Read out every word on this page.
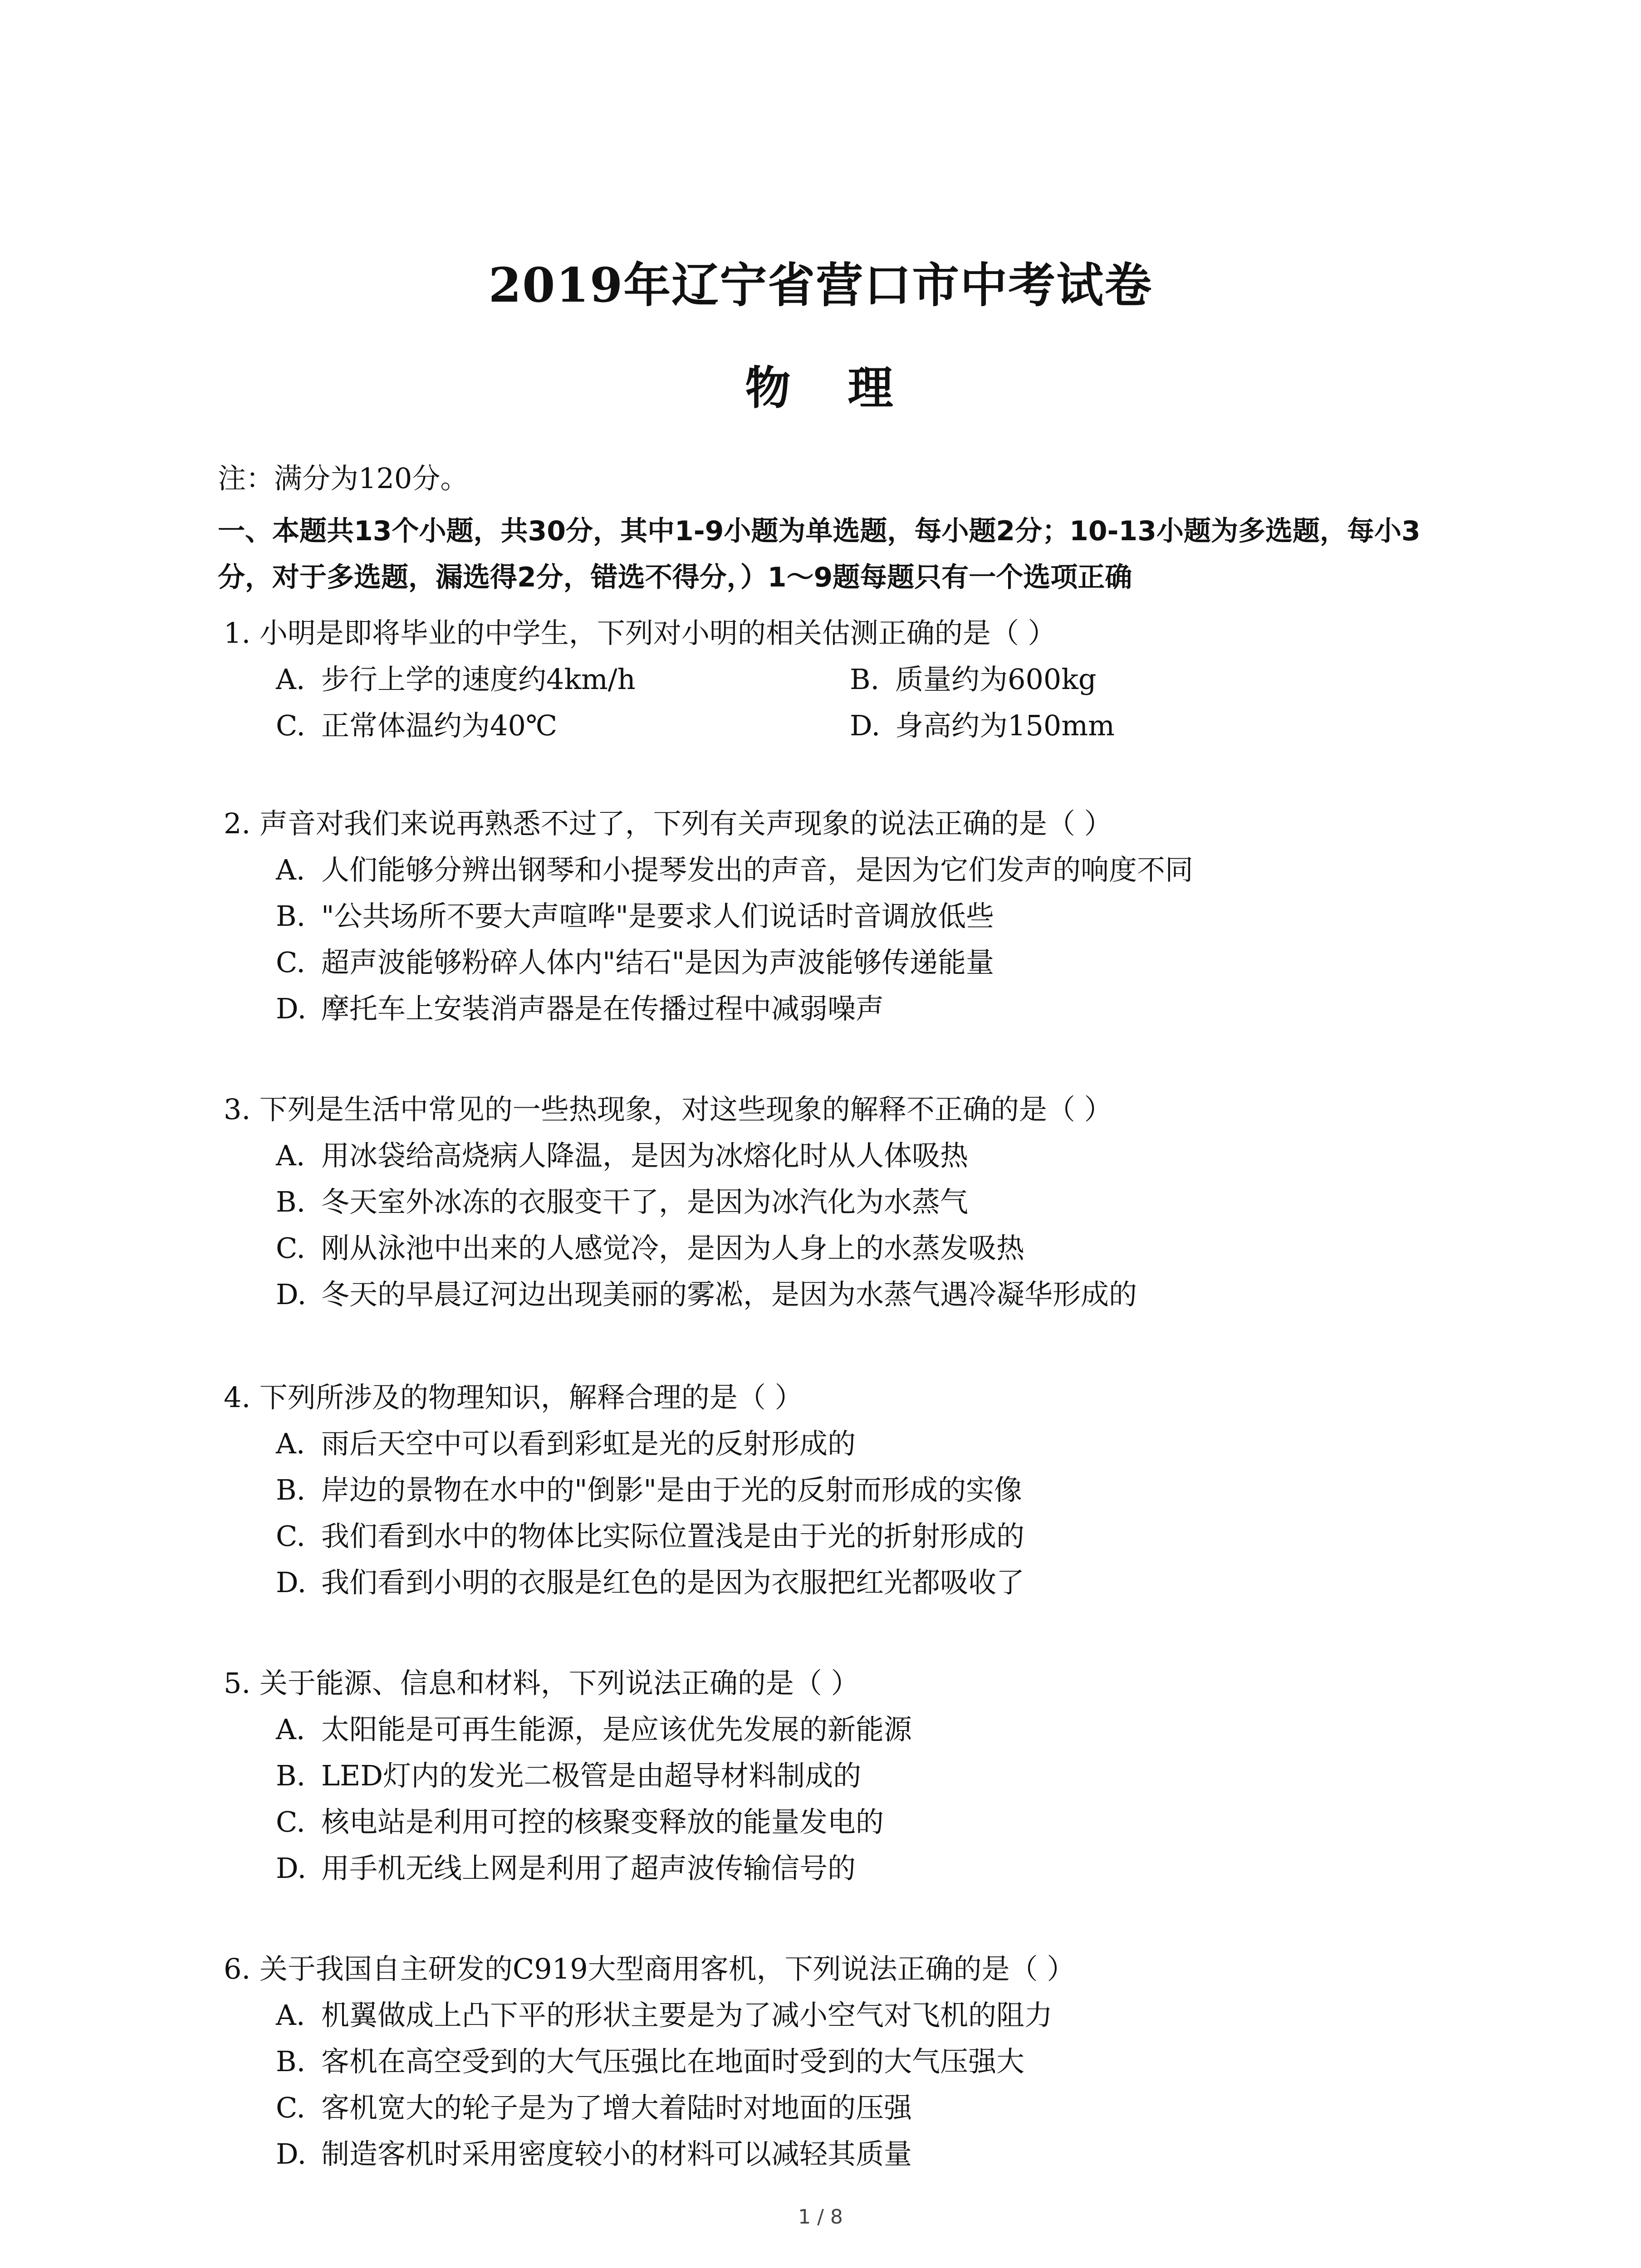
2019年辽宁省营口市中考试卷
物 理
注：满分为120分。
一、本题共13个小题，共30分，其中1-9小题为单选题，每小题2分；10-13小题为多选题，每小3分，对于多选题，漏选得2分，错选不得分，）1～9题每题只有一个选项正确
1. 小明是即将毕业的中学生，下列对小明的相关估测正确的是（ ）
A. 步行上学的速度约4km/h	B. 质量约为600kg
C. 正常体温约为40℃	D. 身高约为150mm
2. 声音对我们来说再熟悉不过了，下列有关声现象的说法正确的是（ ）
A. 人们能够分辨出钢琴和小提琴发出的声音，是因为它们发声的响度不同
B. "公共场所不要大声喧哗"是要求人们说话时音调放低些
C. 超声波能够粉碎人体内"结石"是因为声波能够传递能量
D. 摩托车上安装消声器是在传播过程中减弱噪声
3. 下列是生活中常见的一些热现象，对这些现象的解释不正确的是（ ）
A. 用冰袋给高烧病人降温，是因为冰熔化时从人体吸热
B. 冬天室外冰冻的衣服变干了，是因为冰汽化为水蒸气
C. 刚从泳池中出来的人感觉冷，是因为人身上的水蒸发吸热
D. 冬天的早晨辽河边出现美丽的雾凇，是因为水蒸气遇冷凝华形成的
4. 下列所涉及的物理知识，解释合理的是（ ）
A. 雨后天空中可以看到彩虹是光的反射形成的
B. 岸边的景物在水中的"倒影"是由于光的反射而形成的实像
C. 我们看到水中的物体比实际位置浅是由于光的折射形成的
D. 我们看到小明的衣服是红色的是因为衣服把红光都吸收了
5. 关于能源、信息和材料，下列说法正确的是（ ）
A. 太阳能是可再生能源，是应该优先发展的新能源
B. LED灯内的发光二极管是由超导材料制成的
C. 核电站是利用可控的核聚变释放的能量发电的
D. 用手机无线上网是利用了超声波传输信号的
6. 关于我国自主研发的C919大型商用客机，下列说法正确的是（ ）
A. 机翼做成上凸下平的形状主要是为了减小空气对飞机的阻力
B. 客机在高空受到的大气压强比在地面时受到的大气压强大
C. 客机宽大的轮子是为了增大着陆时对地面的压强
D. 制造客机时采用密度较小的材料可以减轻其质量
1 / 8
